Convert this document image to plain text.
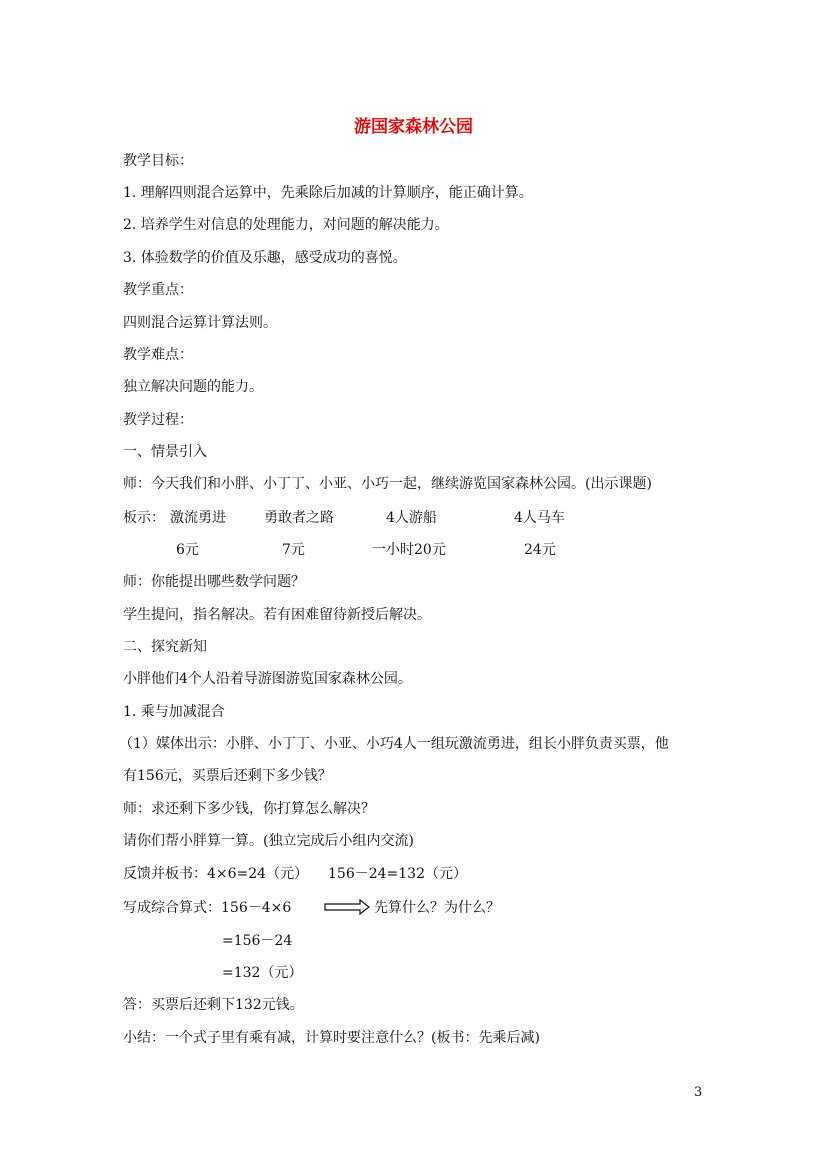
游国家森林公园
教学目标：
1. 理解四则混合运算中，先乘除后加减的计算顺序，能正确计算。
2. 培养学生对信息的处理能力，对问题的解决能力。
3. 体验数学的价值及乐趣，感受成功的喜悦。
教学重点：
四则混合运算计算法则。
教学难点：
独立解决问题的能力。
教学过程：
一、情景引入
师：今天我们和小胖、小丁丁、小亚、小巧一起，继续游览国家森林公园。(出示课题)
板示： 激流勇进	勇敢者之路	4人游船	4人马车
6元	7元	一小时20元	24元
师：你能提出哪些数学问题？
学生提问，指名解决。若有困难留待新授后解决。
二、探究新知
小胖他们4个人沿着导游图游览国家森林公园。
1. 乘与加减混合
（1）媒体出示：小胖、小丁丁、小亚、小巧4人一组玩激流勇进，组长小胖负责买票，他
有156元，买票后还剩下多少钱？
师：求还剩下多少钱，你打算怎么解决？
请你们帮小胖算一算。(独立完成后小组内交流)
反馈并板书：4×6=24（元） 156－24=132（元）
写成综合算式：156－4×6	先算什么？为什么？
=156－24
=132（元）
答：买票后还剩下132元钱。
小结：一个式子里有乘有减，计算时要注意什么？(板书：先乘后减)
3
